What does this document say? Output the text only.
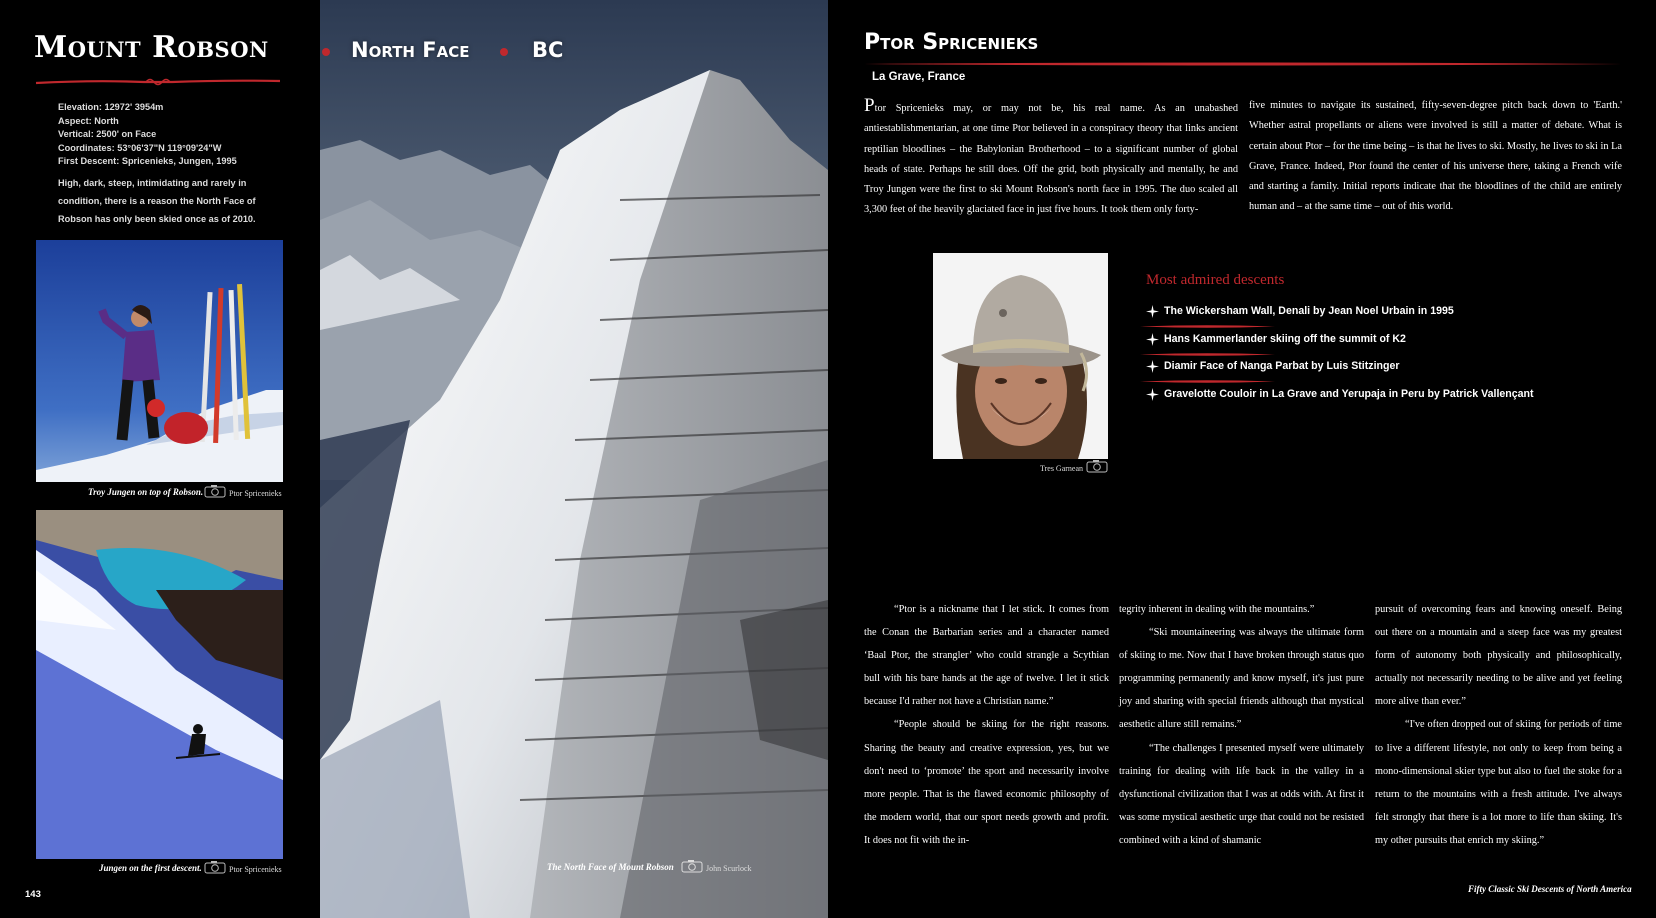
Mount Robson
Elevation: 12972' 3954m
Aspect: North
Vertical: 2500' on Face
Coordinates: 53°06'37"N 119°09'24"W
First Descent: Spricenieks, Jungen, 1995
High, dark, steep, intimidating and rarely in condition, there is a reason the North Face of Robson has only been skied once as of 2010.
Troy Jungen on top of Robson.	Ptor Spricenieks
Jungen on the first descent.	Ptor Spricenieks
143
North Face	BC
The North Face of Mount Robson	John Scurlock
Ptor Spricenieks
La Grave, France
Ptor Spricenieks may, or may not be, his real name. As an unabashed antiestablishmentarian, at one time Ptor believed in a conspiracy theory that links ancient reptilian bloodlines – the Babylonian Brotherhood – to a significant number of global heads of state. Perhaps he still does. Off the grid, both physically and mentally, he and Troy Jungen were the first to ski Mount Robson's north face in 1995. The duo scaled all 3,300 feet of the heavily glaciated face in just five hours. It took them only forty-
five minutes to navigate its sustained, fifty-seven-degree pitch back down to 'Earth.' Whether astral propellants or aliens were involved is still a matter of debate. What is certain about Ptor – for the time being – is that he lives to ski. Mostly, he lives to ski in La Grave, France. Indeed, Ptor found the center of his universe there, taking a French wife and starting a family. Initial reports indicate that the bloodlines of the child are entirely human and – at the same time – out of this world.
Tres Garnean
Most admired descents
The Wickersham Wall, Denali by Jean Noel Urbain in 1995
Hans Kammerlander skiing off the summit of K2
Diamir Face of Nanga Parbat by Luis Stitzinger
Gravelotte Couloir in La Grave and Yerupaja in Peru by Patrick Vallençant

“Ptor is a nickname that I let stick. It comes from the Conan the Barbarian series and a character named ‘Baal Ptor, the strangler’ who could strangle a Scythian bull with his bare hands at the age of twelve. I let it stick because I'd rather not have a Christian name.”

“People should be skiing for the right reasons. Sharing the beauty and creative expression, yes, but we don't need to ‘promote’ the sport and necessarily involve more people. That is the flawed economic philosophy of the modern world, that our sport needs growth and profit. It does not fit with the in-

tegrity inherent in dealing with the mountains.”

“Ski mountaineering was always the ultimate form of skiing to me. Now that I have broken through status quo programming permanently and know myself, it's just pure joy and sharing with special friends although that mystical aesthetic allure still remains.”

“The challenges I presented myself were ultimately training for dealing with life back in the valley in a dysfunctional civilization that I was at odds with. At first it was some mystical aesthetic urge that could not be resisted combined with a kind of shamanic

pursuit of overcoming fears and knowing oneself. Being out there on a mountain and a steep face was my greatest form of autonomy both physically and philosophically, actually not necessarily needing to be alive and yet feeling more alive than ever.”

“I've often dropped out of skiing for periods of time to live a different lifestyle, not only to keep from being a mono-dimensional skier type but also to fuel the stoke for a return to the mountains with a fresh attitude. I've always felt strongly that there is a lot more to life than skiing. It's my other pursuits that enrich my skiing.”

Fifty Classic Ski Descents of North America
